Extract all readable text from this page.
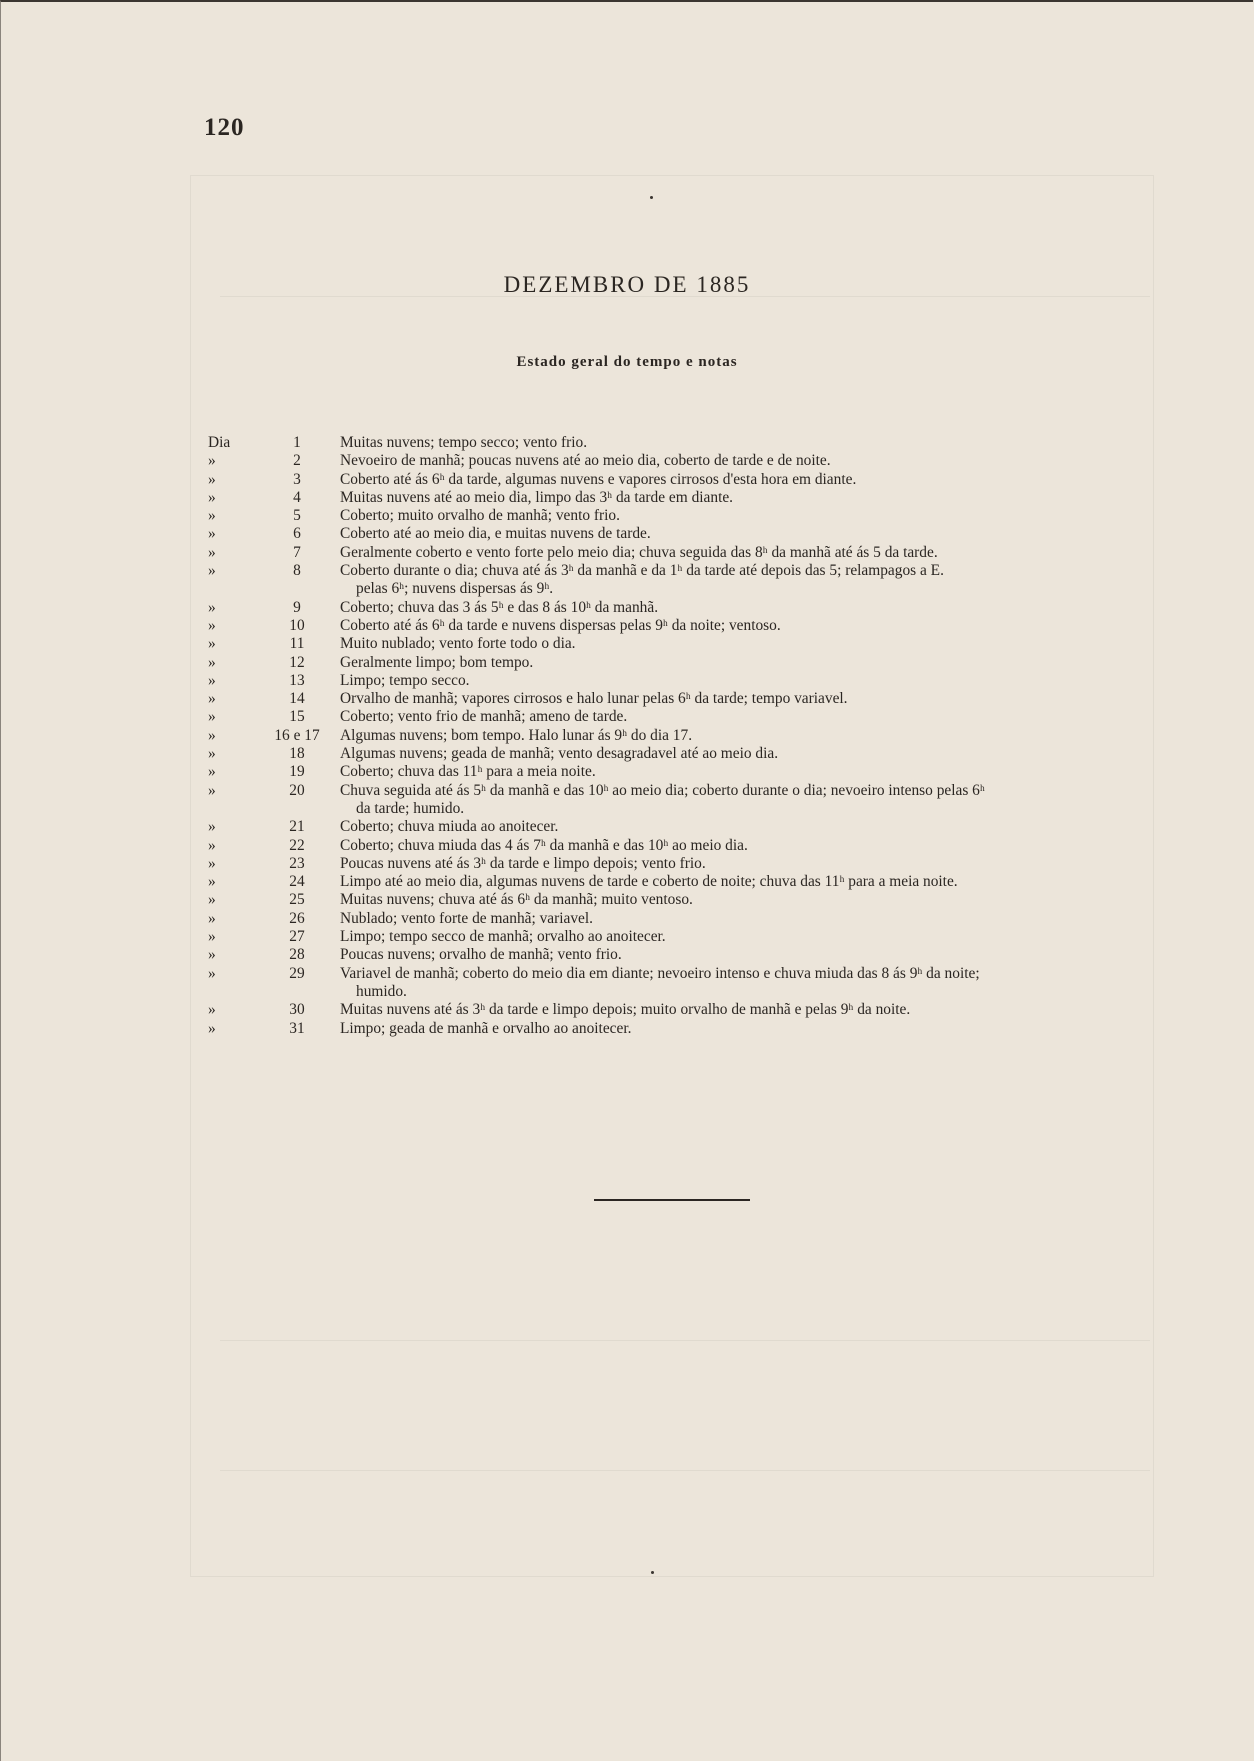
120
DEZEMBRO DE 1885
Estado geral do tempo e notas
Dia	1	Muitas nuvens; tempo secco; vento frio.
»	2	Nevoeiro de manhã; poucas nuvens até ao meio dia, coberto de tarde e de noite.
»	3	Coberto até ás 6ʰ da tarde, algumas nuvens e vapores cirrosos d'esta hora em diante.
»	4	Muitas nuvens até ao meio dia, limpo das 3ʰ da tarde em diante.
»	5	Coberto; muito orvalho de manhã; vento frio.
»	6	Coberto até ao meio dia, e muitas nuvens de tarde.
»	7	Geralmente coberto e vento forte pelo meio dia; chuva seguida das 8ʰ da manhã até ás 5 da tarde.
»	8	Coberto durante o dia; chuva até ás 3ʰ da manhã e da 1ʰ da tarde até depois das 5; relampagos a E.
pelas 6ʰ; nuvens dispersas ás 9ʰ.
»	9	Coberto; chuva das 3 ás 5ʰ e das 8 ás 10ʰ da manhã.
»	10	Coberto até ás 6ʰ da tarde e nuvens dispersas pelas 9ʰ da noite; ventoso.
»	11	Muito nublado; vento forte todo o dia.
»	12	Geralmente limpo; bom tempo.
»	13	Limpo; tempo secco.
»	14	Orvalho de manhã; vapores cirrosos e halo lunar pelas 6ʰ da tarde; tempo variavel.
»	15	Coberto; vento frio de manhã; ameno de tarde.
»	16 e 17	Algumas nuvens; bom tempo. Halo lunar ás 9ʰ do dia 17.
»	18	Algumas nuvens; geada de manhã; vento desagradavel até ao meio dia.
»	19	Coberto; chuva das 11ʰ para a meia noite.
»	20	Chuva seguida até ás 5ʰ da manhã e das 10ʰ ao meio dia; coberto durante o dia; nevoeiro intenso pelas 6ʰ
da tarde; humido.
»	21	Coberto; chuva miuda ao anoitecer.
»	22	Coberto; chuva miuda das 4 ás 7ʰ da manhã e das 10ʰ ao meio dia.
»	23	Poucas nuvens até ás 3ʰ da tarde e limpo depois; vento frio.
»	24	Limpo até ao meio dia, algumas nuvens de tarde e coberto de noite; chuva das 11ʰ para a meia noite.
»	25	Muitas nuvens; chuva até ás 6ʰ da manhã; muito ventoso.
»	26	Nublado; vento forte de manhã; variavel.
»	27	Limpo; tempo secco de manhã; orvalho ao anoitecer.
»	28	Poucas nuvens; orvalho de manhã; vento frio.
»	29	Variavel de manhã; coberto do meio dia em diante; nevoeiro intenso e chuva miuda das 8 ás 9ʰ da noite;
humido.
»	30	Muitas nuvens até ás 3ʰ da tarde e limpo depois; muito orvalho de manhã e pelas 9ʰ da noite.
»	31	Limpo; geada de manhã e orvalho ao anoitecer.
